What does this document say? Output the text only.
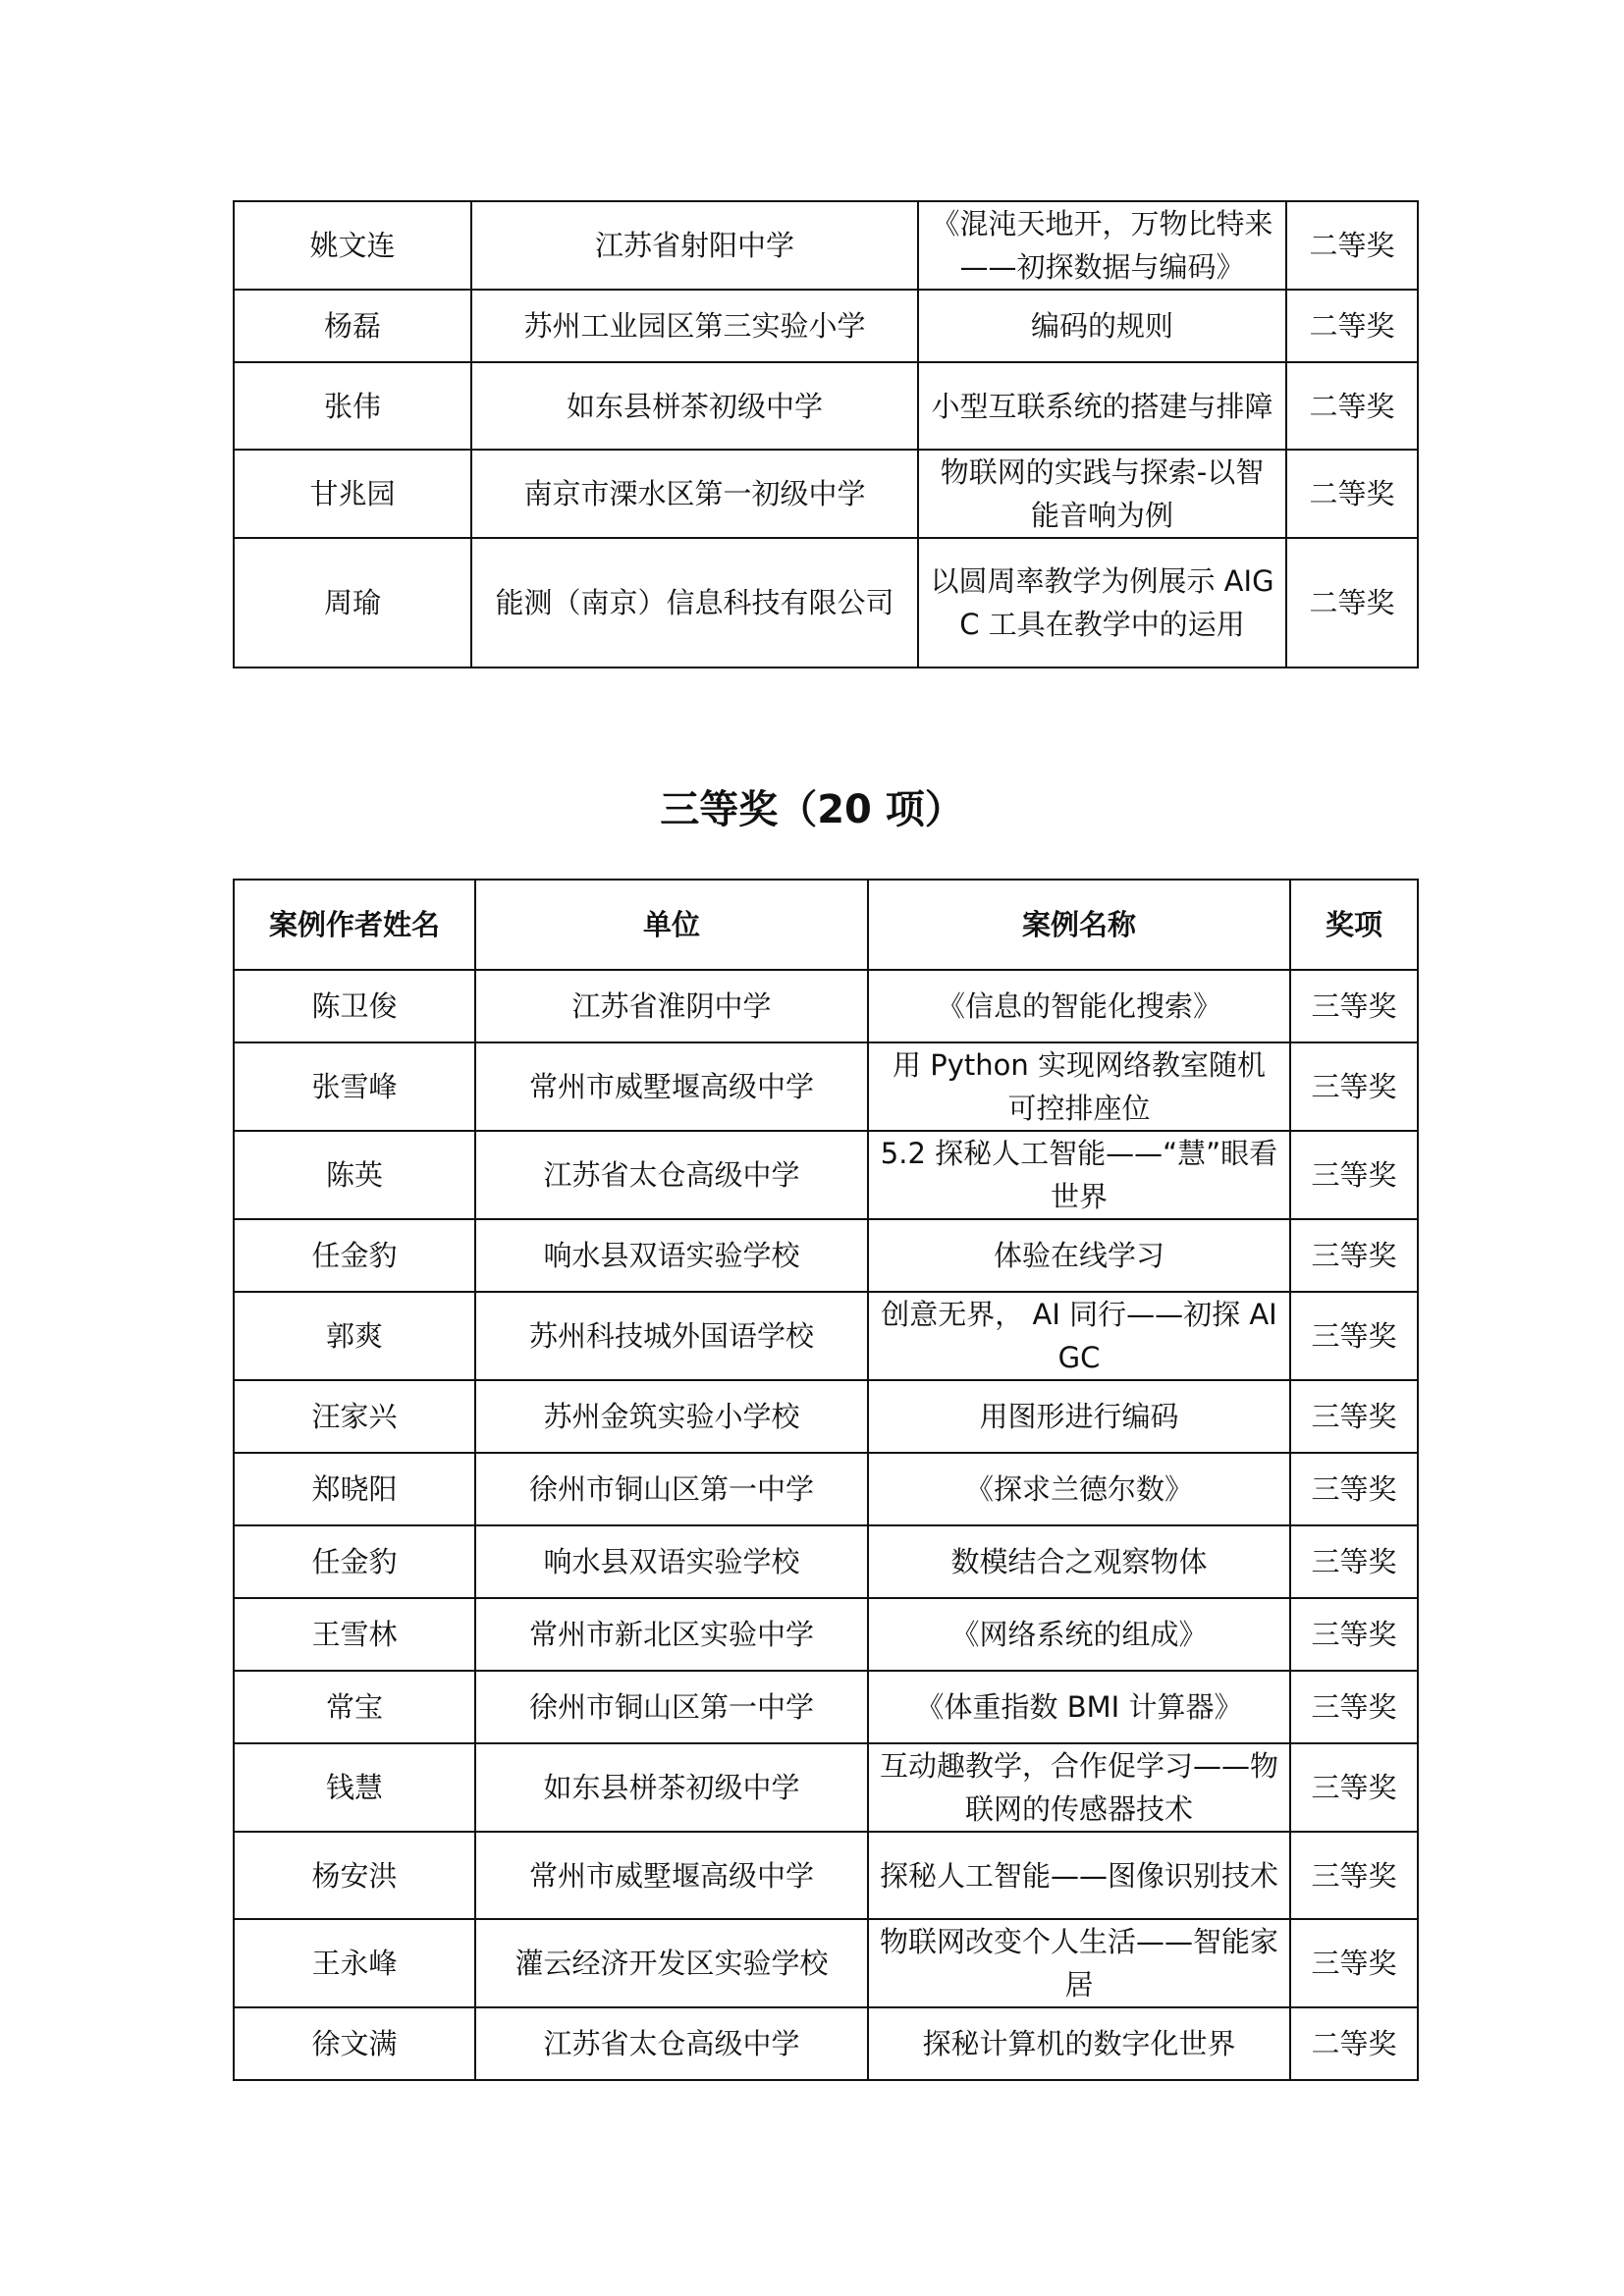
姚文连	江苏省射阳中学	《混沌天地开，万物比特来——初探数据与编码》	二等奖
杨磊	苏州工业园区第三实验小学	编码的规则	二等奖
张伟	如东县栟茶初级中学	小型互联系统的搭建与排障	二等奖
甘兆园	南京市溧水区第一初级中学	物联网的实践与探索-以智能音响为例	二等奖
周瑜	能测（南京）信息科技有限公司	以圆周率教学为例展示 AIGC 工具在教学中的运用	二等奖
三等奖（20 项）
案例作者姓名	单位	案例名称	奖项
陈卫俊	江苏省淮阴中学	《信息的智能化搜索》	三等奖
张雪峰	常州市威墅堰高级中学	用 Python 实现网络教室随机可控排座位	三等奖
陈英	江苏省太仓高级中学	5.2 探秘人工智能——“慧”眼看世界	三等奖
任金豹	响水县双语实验学校	体验在线学习	三等奖
郭爽	苏州科技城外国语学校	创意无界， AI 同行——初探 AIGC	三等奖
汪家兴	苏州金筑实验小学校	用图形进行编码	三等奖
郑晓阳	徐州市铜山区第一中学	《探求兰德尔数》	三等奖
任金豹	响水县双语实验学校	数模结合之观察物体	三等奖
王雪林	常州市新北区实验中学	《网络系统的组成》	三等奖
常宝	徐州市铜山区第一中学	《体重指数 BMI 计算器》	三等奖
钱慧	如东县栟茶初级中学	互动趣教学，合作促学习——物联网的传感器技术	三等奖
杨安洪	常州市威墅堰高级中学	探秘人工智能——图像识别技术	三等奖
王永峰	灌云经济开发区实验学校	物联网改变个人生活——智能家居	三等奖
徐文满	江苏省太仓高级中学	探秘计算机的数字化世界	二等奖
